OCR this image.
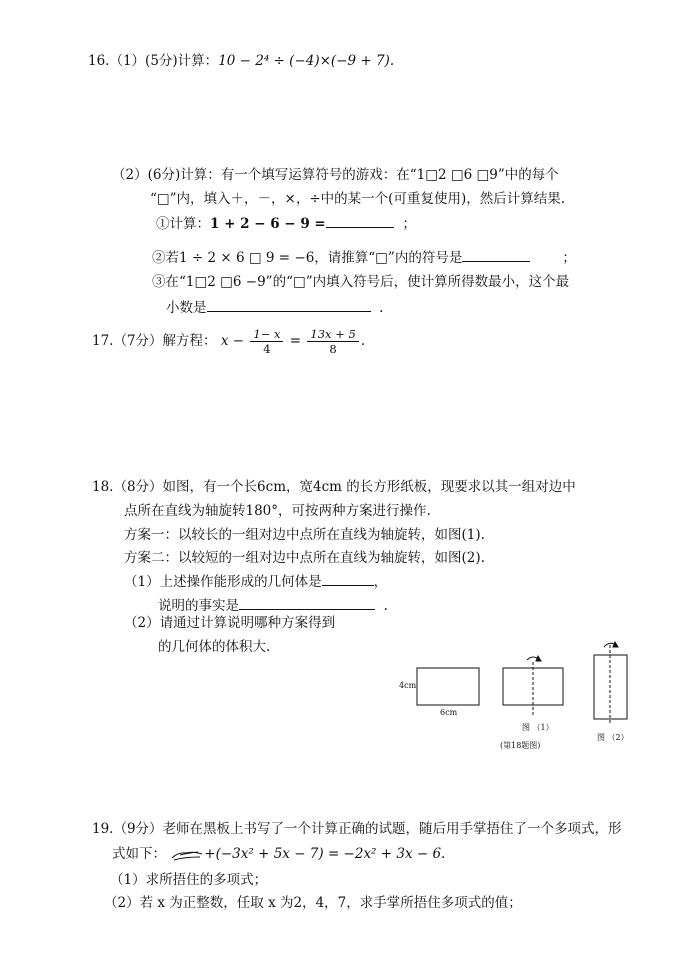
16.（1）(5分)计算：10 − 2⁴ ÷ (−4)×(−9 + 7).
（2）(6分)计算：有一个填写运算符号的游戏：在“1□2 □6 □9”中的每个
“□”内，填入＋，－，×，÷中的某一个(可重复使用)，然后计算结果.
①计算：1 + 2 − 6 − 9 =	；
②若1 ÷ 2 × 6 □ 9 = −6，请推算“□”内的符号是	；
③在“1□2 □6 −9”的“□”内填入符号后，使计算所得数最小，这个最
小数是	.
17.（7分）解方程： $x - \frac{1- x}{4} = \frac{13x + 5}{8}$ .
18.（8分）如图，有一个长6cm，宽4cm 的长方形纸板，现要求以其一组对边中
点所在直线为轴旋转180°，可按两种方案进行操作.
方案一：以较长的一组对边中点所在直线为轴旋转，如图(1).
方案二：以较短的一组对边中点所在直线为轴旋转，如图(2).
（1）上述操作能形成的几何体是	，
说明的事实是	.
（2）请通过计算说明哪种方案得到
的几何体的体积大.
4cm
6cm
图 （1）
(第18题图)
图 （2）
19.（9分）老师在黑板上书写了一个计算正确的试题，随后用手掌捂住了一个多项式，形
式如下：	+(−3x² + 5x − 7) = −2x² + 3x − 6.
（1）求所捂住的多项式；
（2）若 x 为正整数，任取 x 为2，4，7，求手掌所捂住多项式的值；
